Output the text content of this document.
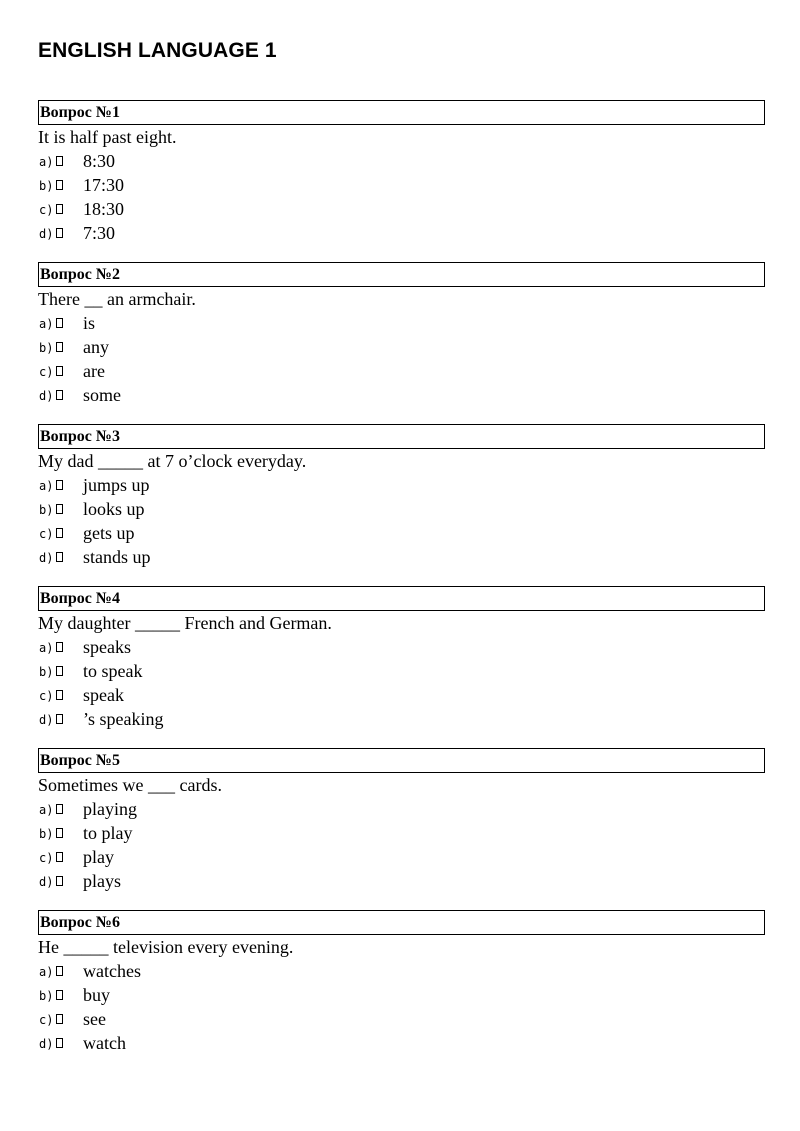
ENGLISH LANGUAGE 1
Вопрос №1
It is half past eight.
a) 8:30
b) 17:30
c) 18:30
d) 7:30
Вопрос №2
There __ an armchair.
a) is
b) any
c) are
d) some
Вопрос №3
My dad _____ at 7 o’clock everyday.
a) jumps up
b) looks up
c) gets up
d) stands up
Вопрос №4
My daughter _____ French and German.
a) speaks
b) to speak
c) speak
d) ’s speaking
Вопрос №5
Sometimes we ___ cards.
a) playing
b) to play
c) play
d) plays
Вопрос №6
He _____ television every evening.
a) watches
b) buy
c) see
d) watch
